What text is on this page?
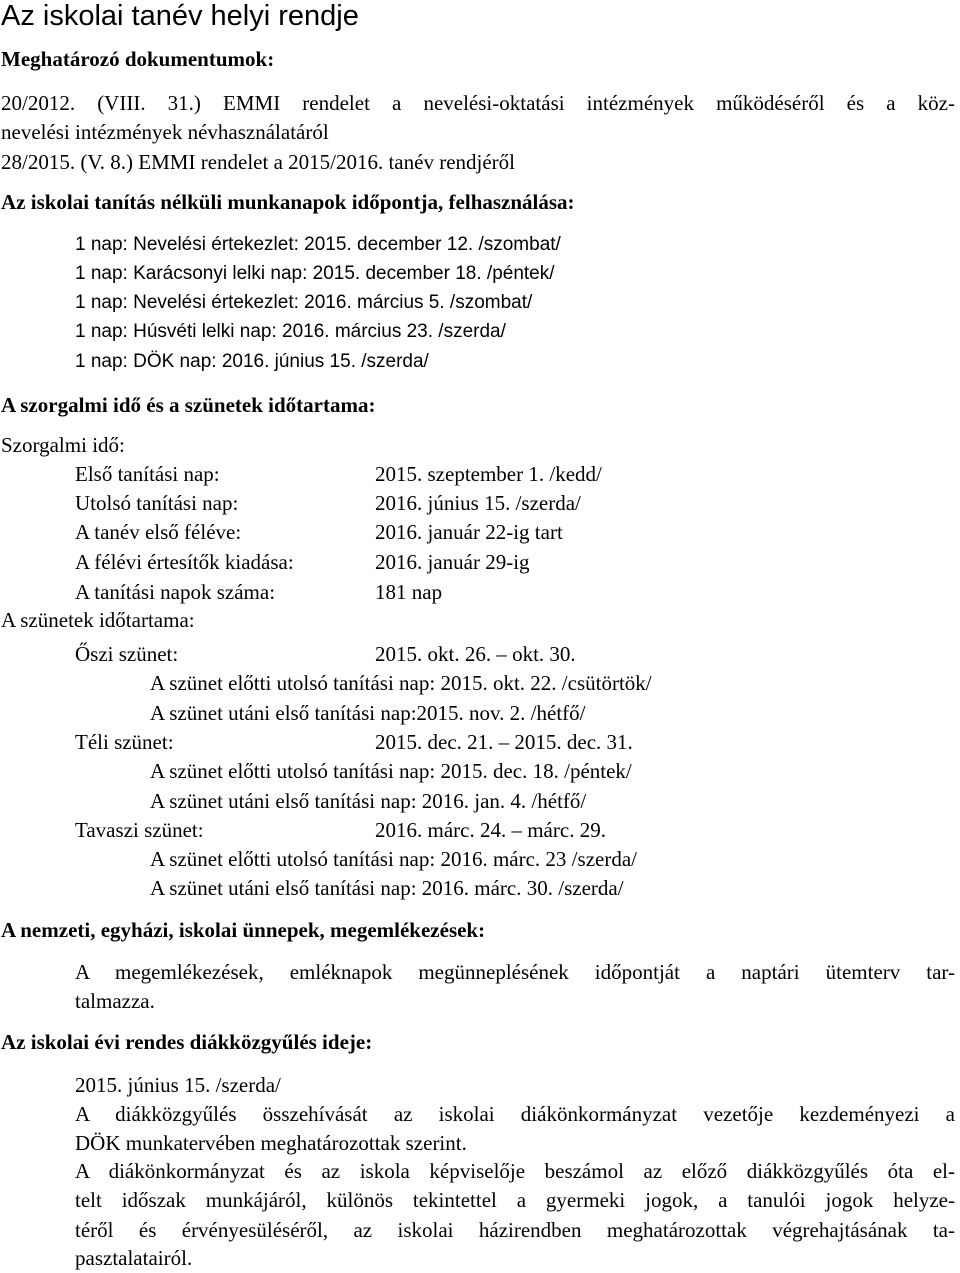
Az iskolai tanév helyi rendje
Meghatározó dokumentumok:
20/2012. (VIII. 31.) EMMI rendelet a nevelési-oktatási intézmények működéséről és a köz-
nevelési intézmények névhasználatáról
28/2015. (V. 8.) EMMI rendelet a 2015/2016. tanév rendjéről
Az iskolai tanítás nélküli munkanapok időpontja, felhasználása:
1 nap: Nevelési értekezlet: 2015. december 12. /szombat/
1 nap: Karácsonyi lelki nap: 2015. december 18. /péntek/
1 nap: Nevelési értekezlet: 2016. március 5. /szombat/
1 nap: Húsvéti lelki nap: 2016. március 23. /szerda/
1 nap: DÖK nap: 2016. június 15. /szerda/
A szorgalmi idő és a szünetek időtartama:
Szorgalmi idő:
Első tanítási nap:	2015. szeptember 1. /kedd/
Utolsó tanítási nap:	2016. június 15. /szerda/
A tanév első féléve:	2016. január 22-ig tart
A félévi értesítők kiadása:	2016. január 29-ig
A tanítási napok száma:	181 nap
A szünetek időtartama:
Őszi szünet:	2015. okt. 26. – okt. 30.
A szünet előtti utolsó tanítási nap: 2015. okt. 22. /csütörtök/
A szünet utáni első tanítási nap:2015. nov. 2. /hétfő/
Téli szünet:	2015. dec. 21. – 2015. dec. 31.
A szünet előtti utolsó tanítási nap: 2015. dec. 18. /péntek/
A szünet utáni első tanítási nap: 2016. jan. 4. /hétfő/
Tavaszi szünet:	2016. márc. 24. – márc. 29.
A szünet előtti utolsó tanítási nap: 2016. márc. 23 /szerda/
A szünet utáni első tanítási nap: 2016. márc. 30. /szerda/
A nemzeti, egyházi, iskolai ünnepek, megemlékezések:
A megemlékezések, emléknapok megünneplésének időpontját a naptári ütemterv tar-
talmazza.
Az iskolai évi rendes diákközgyűlés ideje:
2015. június 15. /szerda/
A diákközgyűlés összehívását az iskolai diákönkormányzat vezetője kezdeményezi a
DÖK munkatervében meghatározottak szerint.
A diákönkormányzat és az iskola képviselője beszámol az előző diákközgyűlés óta el-
telt időszak munkájáról, különös tekintettel a gyermeki jogok, a tanulói jogok helyze-
téről és érvényesüléséről, az iskolai házirendben meghatározottak végrehajtásának ta-
pasztalatairól.
